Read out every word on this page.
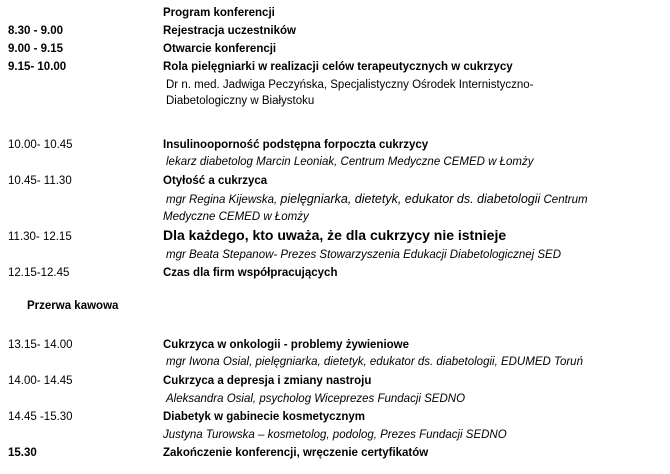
Program konferencji
8.30 - 9.00	Rejestracja uczestników
9.00 - 9.15	Otwarcie konferencji
9.15- 10.00	Rola pielęgniarki w realizacji celów terapeutycznych w cukrzycy
Dr n. med. Jadwiga Peczyńska, Specjalistyczny Ośrodek Internistyczno-
Diabetologiczny w Białystoku
10.00- 10.45	Insulinooporność podstępna forpoczta cukrzycy
lekarz diabetolog Marcin Leoniak, Centrum Medyczne CEMED w Łomży
10.45- 11.30	Otyłość a cukrzyca
mgr Regina Kijewska, pielęgniarka, dietetyk, edukator ds. diabetologii Centrum
Medyczne CEMED w Łomży
11.30- 12.15	Dla każdego, kto uważa, że dla cukrzycy nie istnieje
mgr Beata Stepanow- Prezes Stowarzyszenia Edukacji Diabetologicznej SED
12.15-12.45	Czas dla firm współpracujących
Przerwa kawowa
13.15- 14.00	Cukrzyca w onkologii - problemy żywieniowe
mgr Iwona Osial, pielęgniarka, dietetyk, edukator ds. diabetologii, EDUMED Toruń
14.00- 14.45	Cukrzyca a depresja i zmiany nastroju
Aleksandra Osial, psycholog Wiceprezes Fundacji SEDNO
14.45 -15.30	Diabetyk w gabinecie kosmetycznym
Justyna Turowska – kosmetolog, podolog, Prezes Fundacji SEDNO
15.30	Zakończenie konferencji, wręczenie certyfikatów
